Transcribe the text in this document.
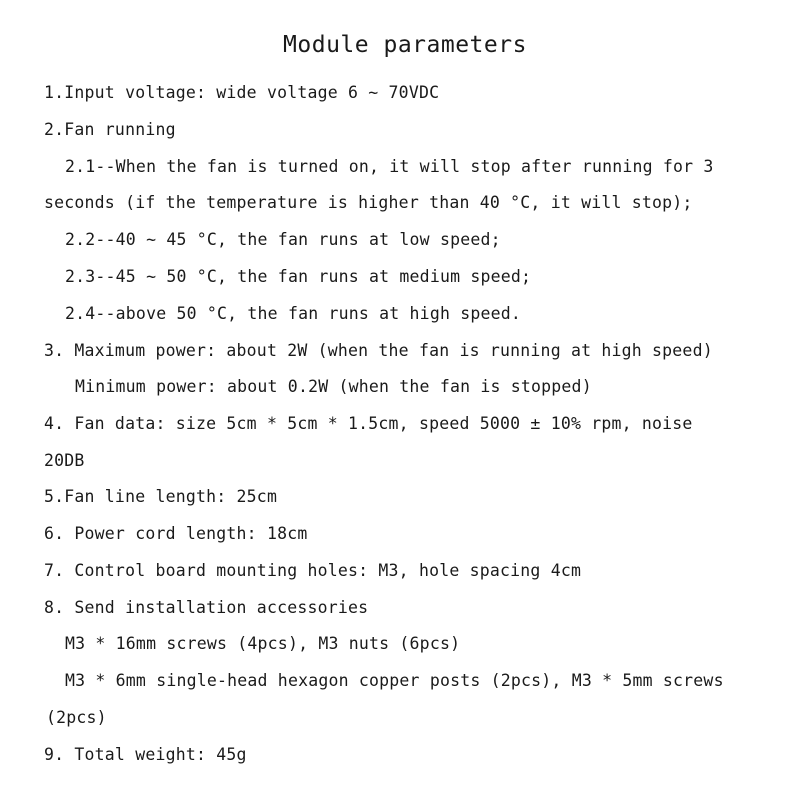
Module parameters
1.Input voltage: wide voltage 6 ~ 70VDC
2.Fan running
2.1--When the fan is turned on, it will stop after running for 3
seconds (if the temperature is higher than 40 °C, it will stop);
2.2--40 ~ 45 °C, the fan runs at low speed;
2.3--45 ~ 50 °C, the fan runs at medium speed;
2.4--above 50 °C, the fan runs at high speed.
3. Maximum power: about 2W (when the fan is running at high speed)
Minimum power: about 0.2W (when the fan is stopped)
4. Fan data: size 5cm * 5cm * 1.5cm, speed 5000 ± 10% rpm, noise
20DB
5.Fan line length: 25cm
6. Power cord length: 18cm
7. Control board mounting holes: M3, hole spacing 4cm
8. Send installation accessories
M3 * 16mm screws (4pcs), M3 nuts (6pcs)
M3 * 6mm single-head hexagon copper posts (2pcs), M3 * 5mm screws
(2pcs)
9. Total weight: 45g
